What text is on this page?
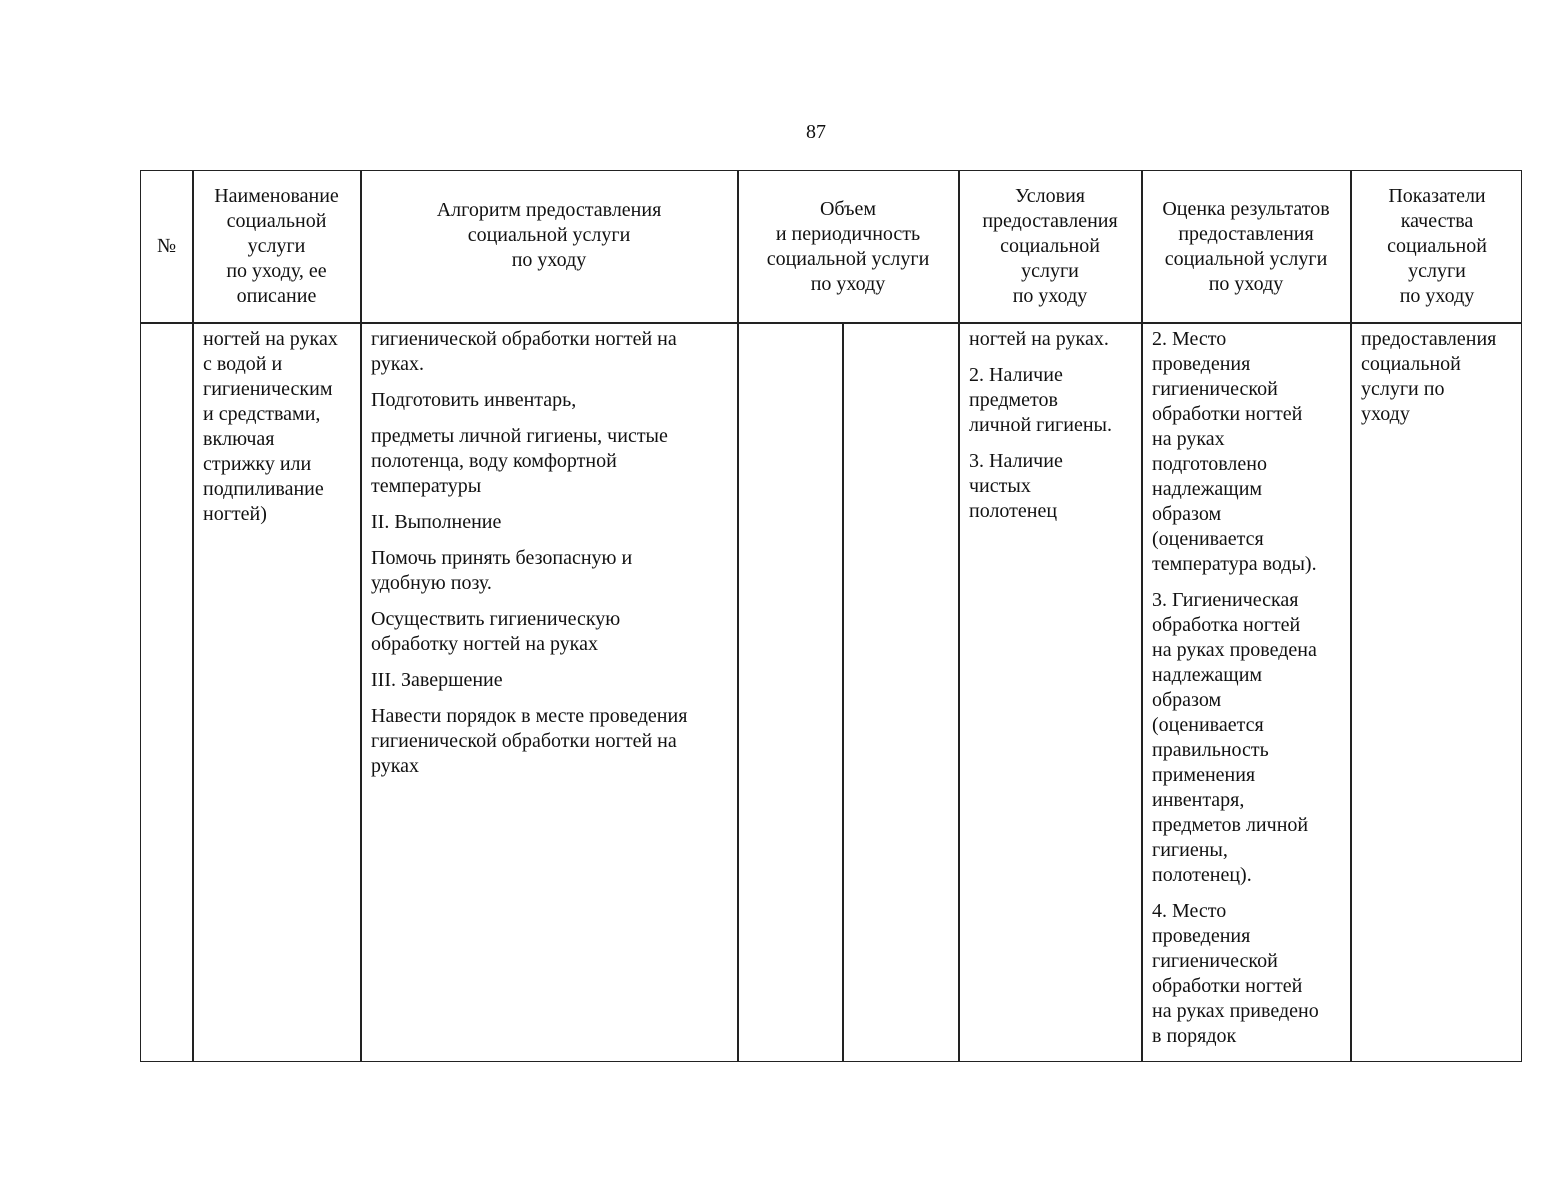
87
№
Наименование
социальной
услуги
по уходу, ее
описание
Алгоритм предоставления
социальной услуги
по уходу
Объем
и периодичность
социальной услуги
по уходу
Условия
предоставления
социальной
услуги
по уходу
Оценка результатов
предоставления
социальной услуги
по уходу
Показатели
качества
социальной
услуги
по уходу
ногтей на руках
с водой и
гигиеническим
и средствами,
включая
стрижку или
подпиливание
ногтей)

гигиенической обработки ногтей на
руках.

Подготовить инвентарь,

предметы личной гигиены, чистые
полотенца, воду комфортной
температуры

II. Выполнение

Помочь принять безопасную и
удобную позу.

Осуществить гигиеническую
обработку ногтей на руках

III. Завершение

Навести порядок в месте проведения
гигиенической обработки ногтей на
руках

ногтей на руках.

2. Наличие
предметов
личной гигиены.

3. Наличие
чистых
полотенец

2. Место
проведения
гигиенической
обработки ногтей
на руках
подготовлено
надлежащим
образом
(оценивается
температура воды).

3. Гигиеническая
обработка ногтей
на руках проведена
надлежащим
образом
(оценивается
правильность
применения
инвентаря,
предметов личной
гигиены,
полотенец).

4. Место
проведения
гигиенической
обработки ногтей
на руках приведено
в порядок

предоставления
социальной
услуги по
уходу
